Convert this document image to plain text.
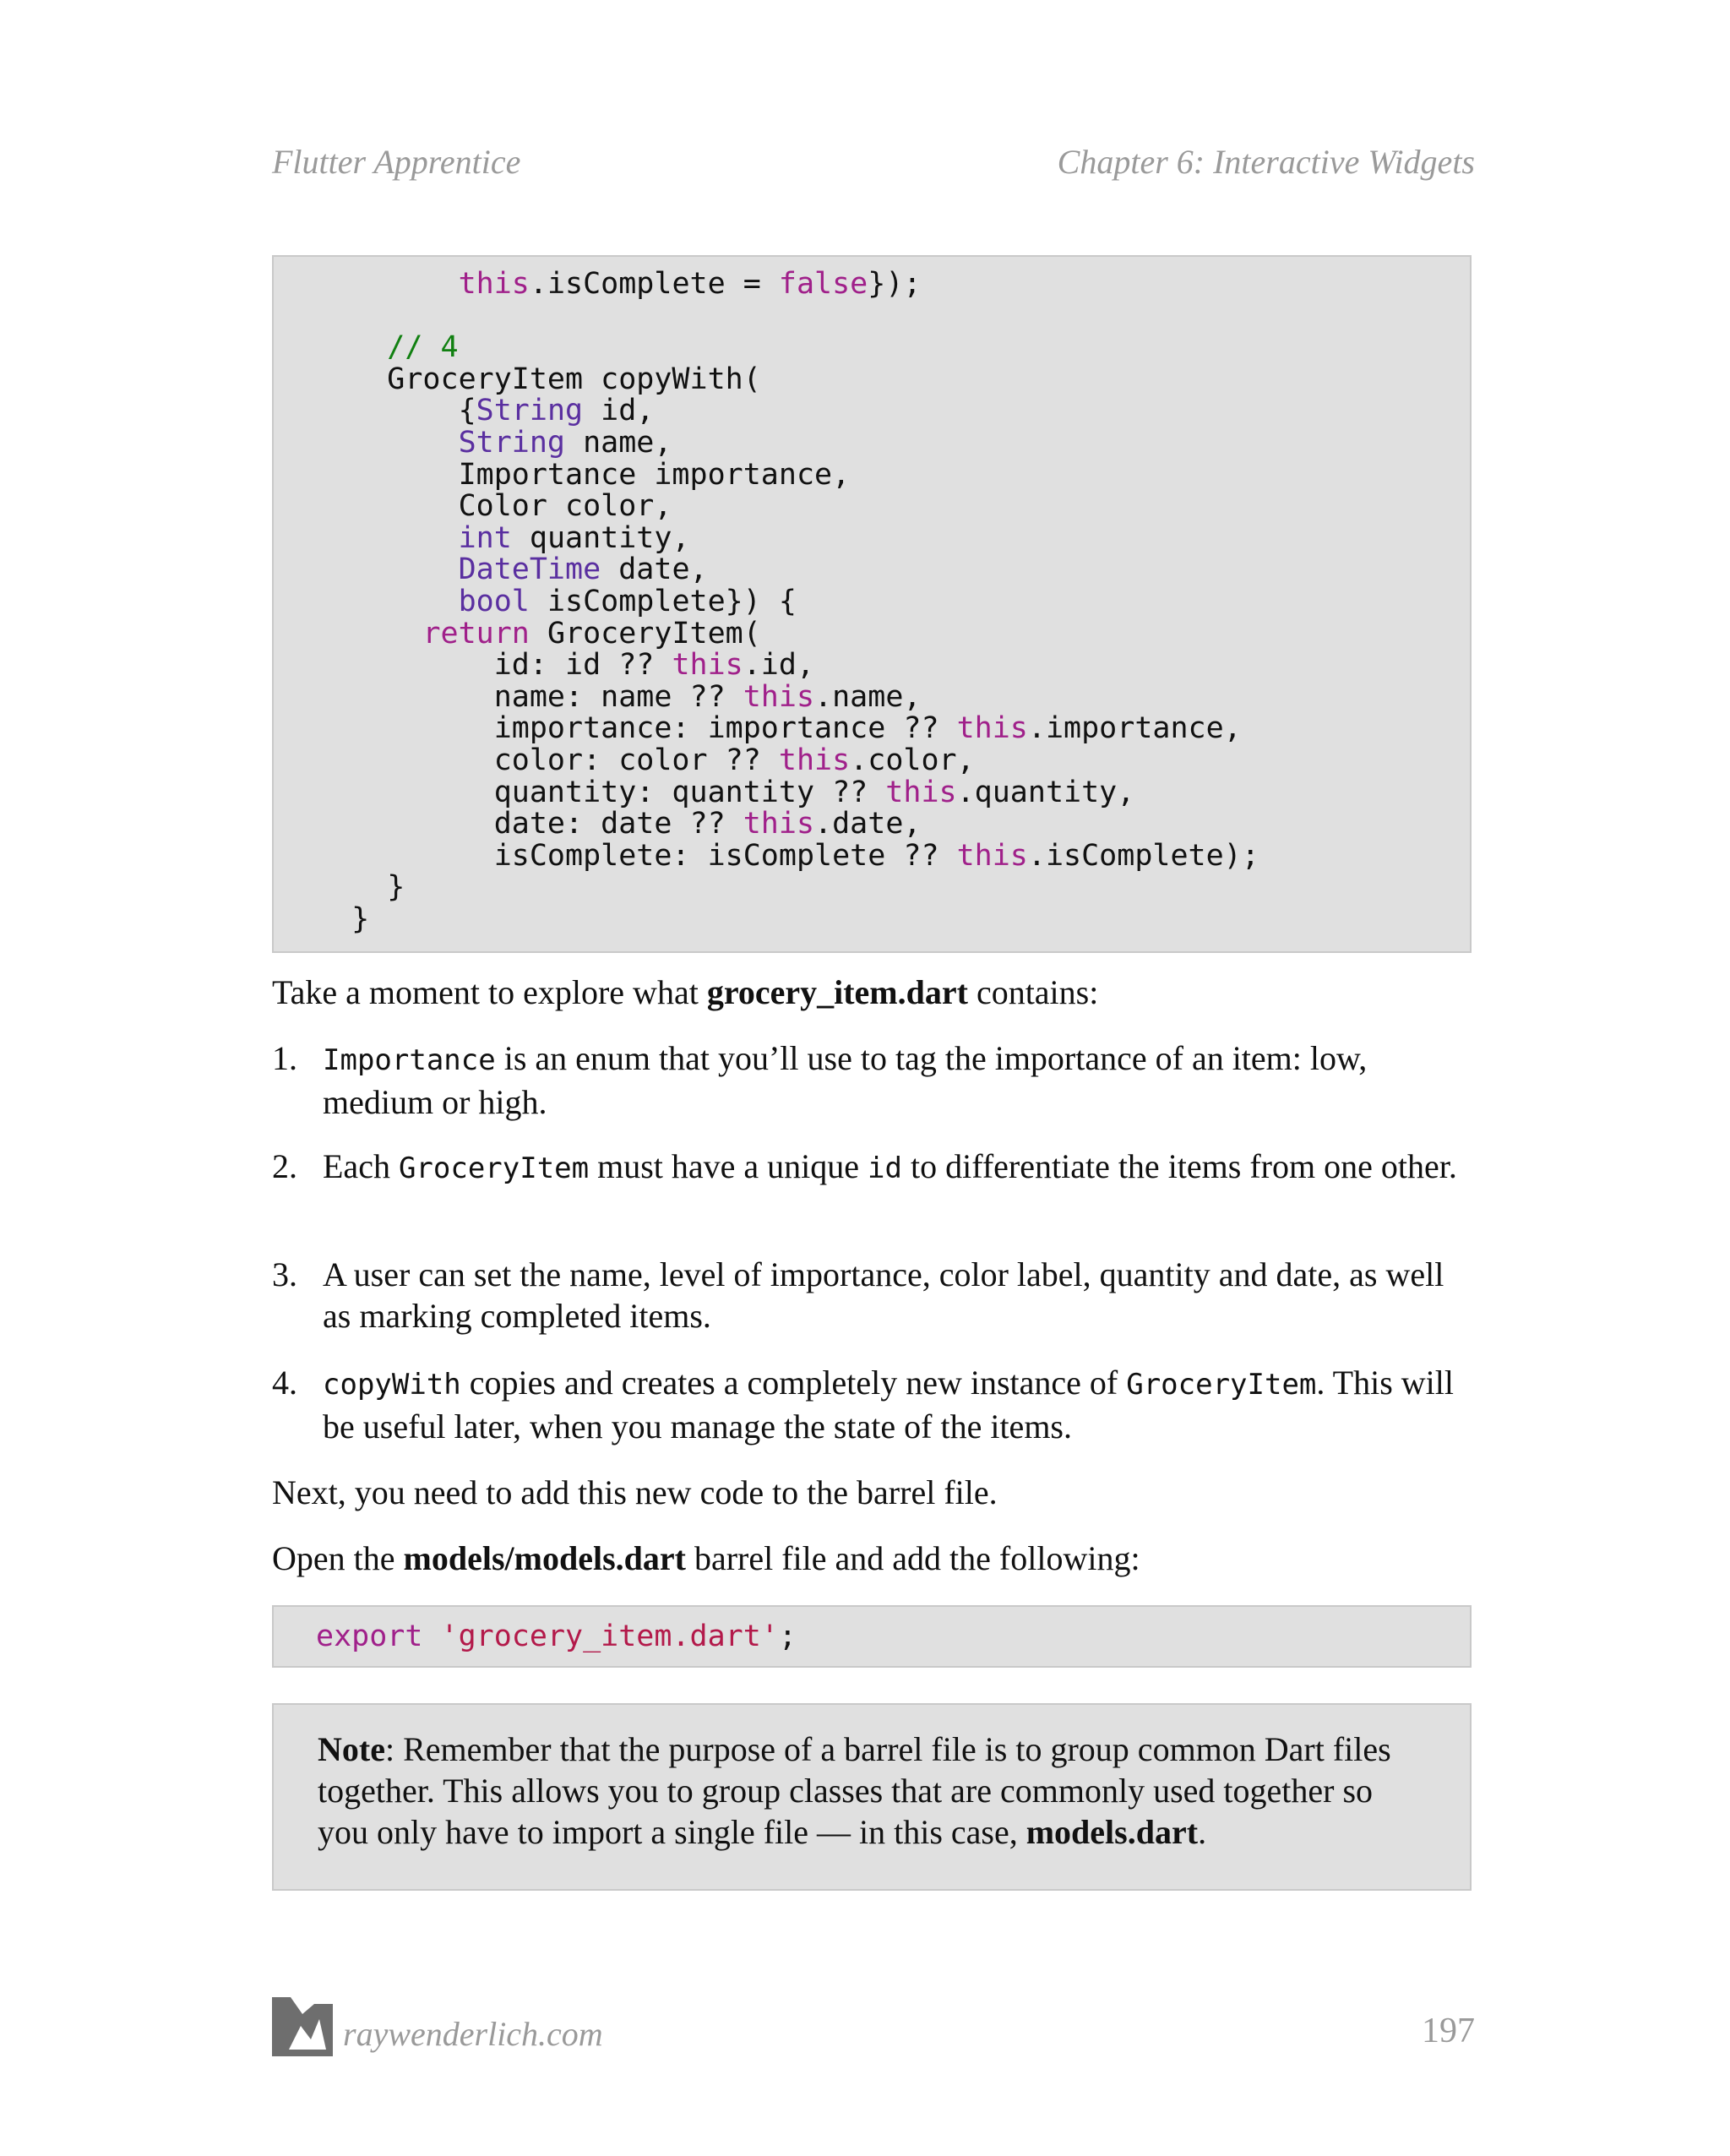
Flutter Apprentice	Chapter 6: Interactive Widgets
this.isComplete = false});

// 4
GroceryItem copyWith(
{String id,
String name,
Importance importance,
Color color,
int quantity,
DateTime date,
bool isComplete}) {
return GroceryItem(
id: id ?? this.id,
name: name ?? this.name,
importance: importance ?? this.importance,
color: color ?? this.color,
quantity: quantity ?? this.quantity,
date: date ?? this.date,
isComplete: isComplete ?? this.isComplete);
}
}
Take a moment to explore what grocery_item.dart contains:
1. Importance is an enum that you’ll use to tag the importance of an item: low, medium or high.
2. Each GroceryItem must have a unique id to differentiate the items from one other.
3. A user can set the name, level of importance, color label, quantity and date, as well as marking completed items.
4. copyWith copies and creates a completely new instance of GroceryItem. This will be useful later, when you manage the state of the items.
Next, you need to add this new code to the barrel file.
Open the models/models.dart barrel file and add the following:
export 'grocery_item.dart';
Note: Remember that the purpose of a barrel file is to group common Dart files together. This allows you to group classes that are commonly used together so you only have to import a single file — in this case, models.dart.
raywenderlich.com	197
